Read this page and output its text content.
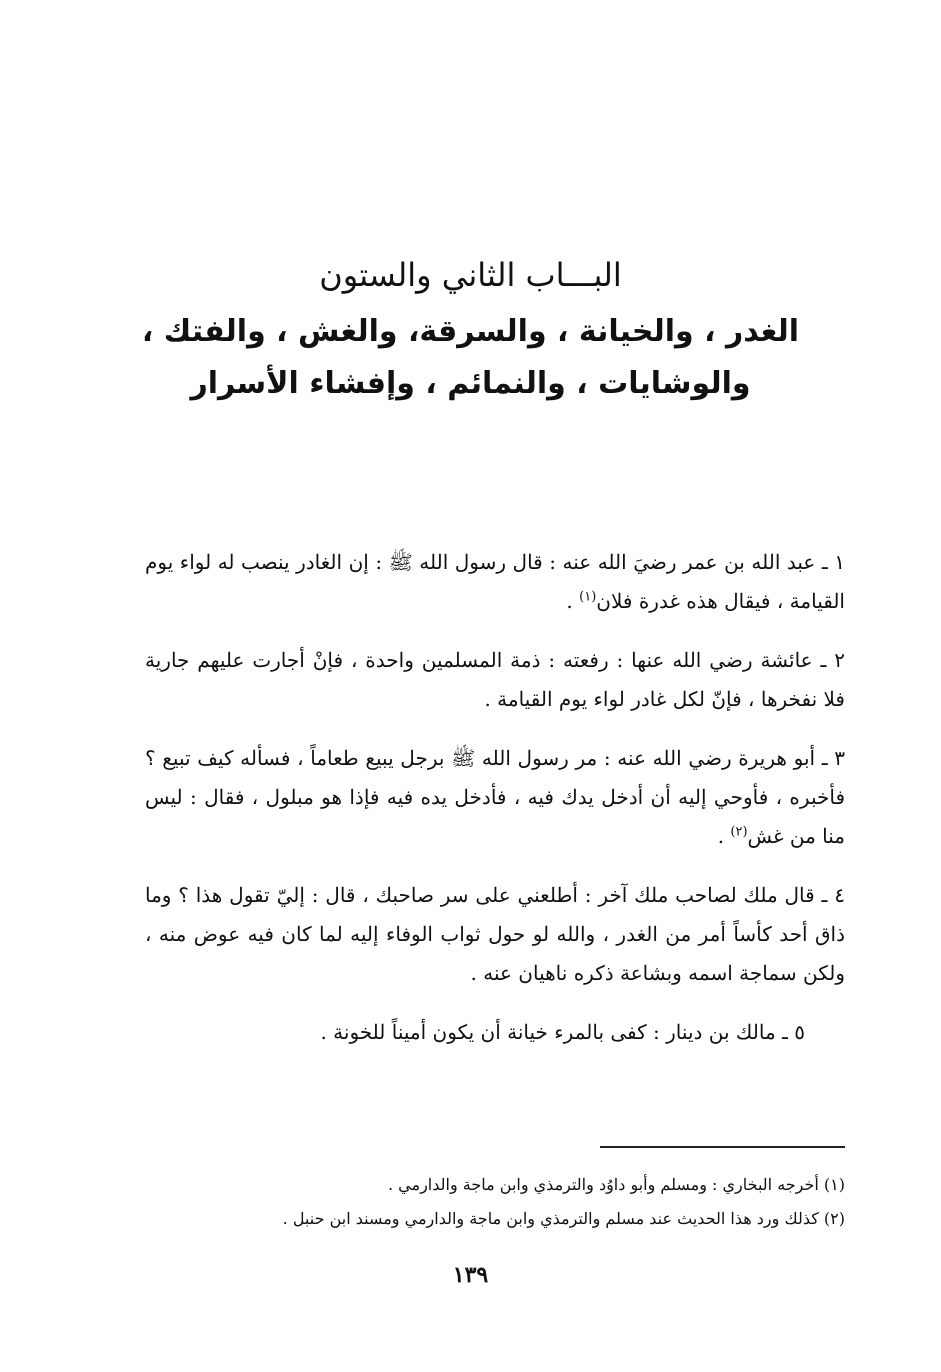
البـــاب الثاني والستون
الغدر ، والخيانة ، والسرقة، والغش ، والفتك ،
والوشايات ، والنمائم ، وإفشاء الأسرار

١ ـ عبد الله بن عمر رضيَ الله عنه : قال رسول الله ﷺ : إن الغادر ينصب له لواء يوم القيامة ، فيقال هذه غدرة فلان$^{(١)}$ .

٢ ـ عائشة رضي الله عنها : رفعته : ذمة المسلمين واحدة ، فإنْ أجارت عليهم جارية فلا نفخرها ، فإنّ لكل غادر لواء يوم القيامة .

٣ ـ أبو هريرة رضي الله عنه : مر رسول الله ﷺ برجل يبيع طعاماً ، فسأله كيف تبيع ؟ فأخبره ، فأوحي إليه أن أدخل يدك فيه ، فأدخل يده فيه فإذا هو مبلول ، فقال : ليس منا من غش$^{(٢)}$ .

٤ ـ قال ملك لصاحب ملك آخر : أطلعني على سر صاحبك ، قال : إليّ تقول هذا ؟ وما ذاق أحد كأساً أمر من الغدر ، والله لو حول ثواب الوفاء إليه لما كان فيه عوض منه ، ولكن سماجة اسمه وبشاعة ذكره ناهيان عنه .

٥ ـ مالك بن دينار : كفى بالمرء خيانة أن يكون أميناً للخونة .

(١) أخرجه البخاري : ومسلم وأبو داوُد والترمذي وابن ماجة والدارمي .

(٢) كذلك ورد هذا الحديث عند مسلم والترمذي وابن ماجة والدارمي ومسند ابن حنبل .

١٣٩
